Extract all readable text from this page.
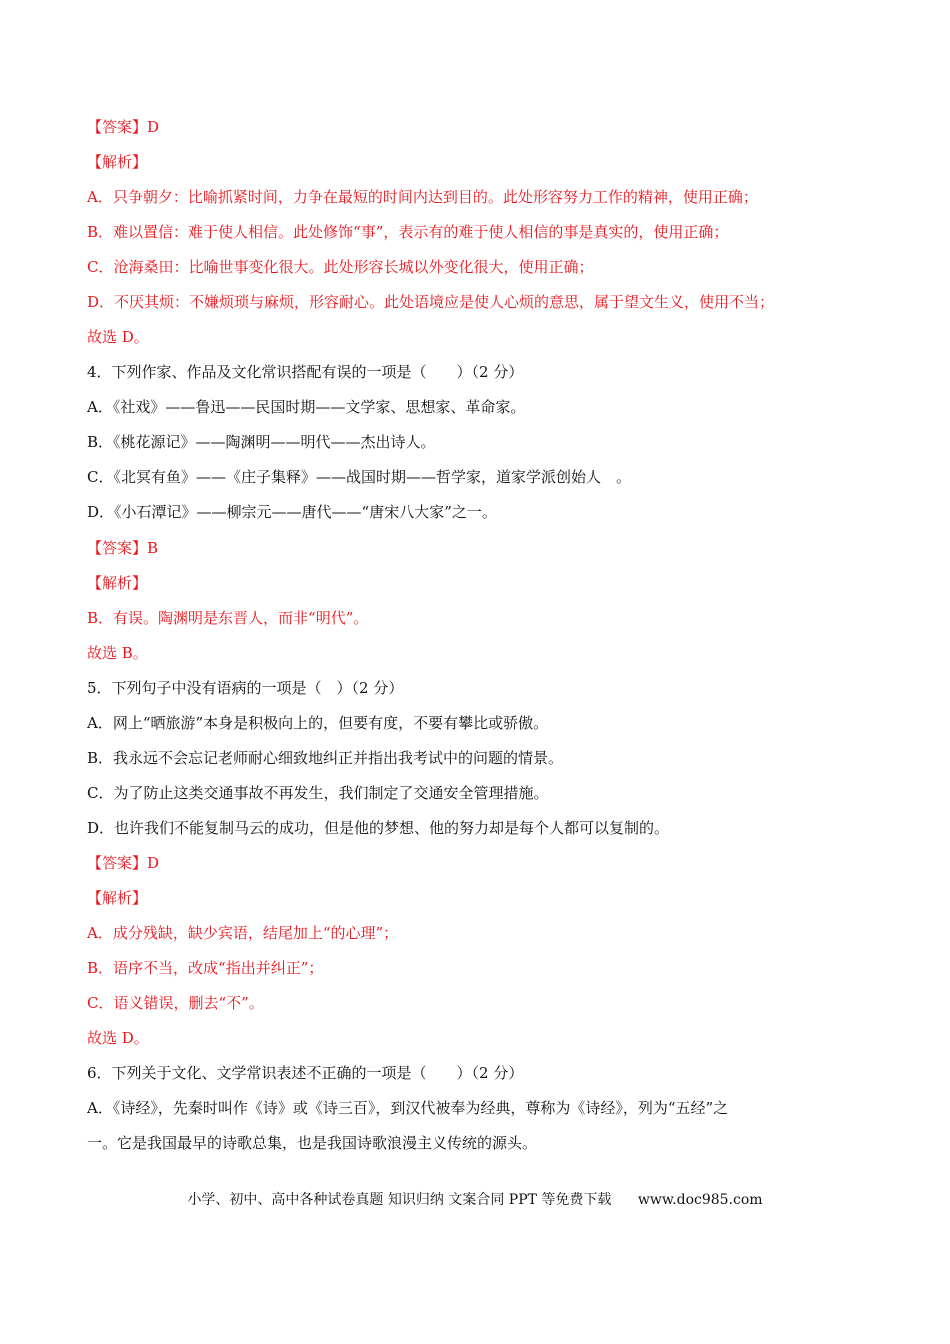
【答案】D
【解析】
A．只争朝夕：比喻抓紧时间，力争在最短的时间内达到目的。此处形容努力工作的精神，使用正确；
B．难以置信：难于使人相信。此处修饰“事”，表示有的难于使人相信的事是真实的，使用正确；
C．沧海桑田：比喻世事变化很大。此处形容长城以外变化很大，使用正确；
D．不厌其烦：不嫌烦琐与麻烦，形容耐心。此处语境应是使人心烦的意思，属于望文生义，使用不当；
故选 D。
4．下列作家、作品及文化常识搭配有误的一项是（　　）（2 分）
A．《社戏》——鲁迅——民国时期——文学家、思想家、革命家。
B．《桃花源记》——陶渊明——明代——杰出诗人。
C．《北冥有鱼》——《庄子集释》——战国时期——哲学家，道家学派创始人　。
D．《小石潭记》——柳宗元——唐代——“唐宋八大家”之一。
【答案】B
【解析】
B．有误。陶渊明是东晋人，而非“明代”。
故选 B。
5．下列句子中没有语病的一项是（　）（2 分）
A．网上“晒旅游”本身是积极向上的，但要有度，不要有攀比或骄傲。
B．我永远不会忘记老师耐心细致地纠正并指出我考试中的问题的情景。
C．为了防止这类交通事故不再发生，我们制定了交通安全管理措施。
D．也许我们不能复制马云的成功，但是他的梦想、他的努力却是每个人都可以复制的。
【答案】D
【解析】
A．成分残缺，缺少宾语，结尾加上“的心理”；
B．语序不当，改成“指出并纠正”；
C．语义错误，删去“不”。
故选 D。
6．下列关于文化、文学常识表述不正确的一项是（　　）（2 分）
A．《诗经》，先秦时叫作《诗》或《诗三百》，到汉代被奉为经典，尊称为《诗经》，列为“五经”之
一。它是我国最早的诗歌总集，也是我国诗歌浪漫主义传统的源头。
小学、初中、高中各种试卷真题 知识归纳 文案合同 PPT 等免费下载 www.doc985.com
